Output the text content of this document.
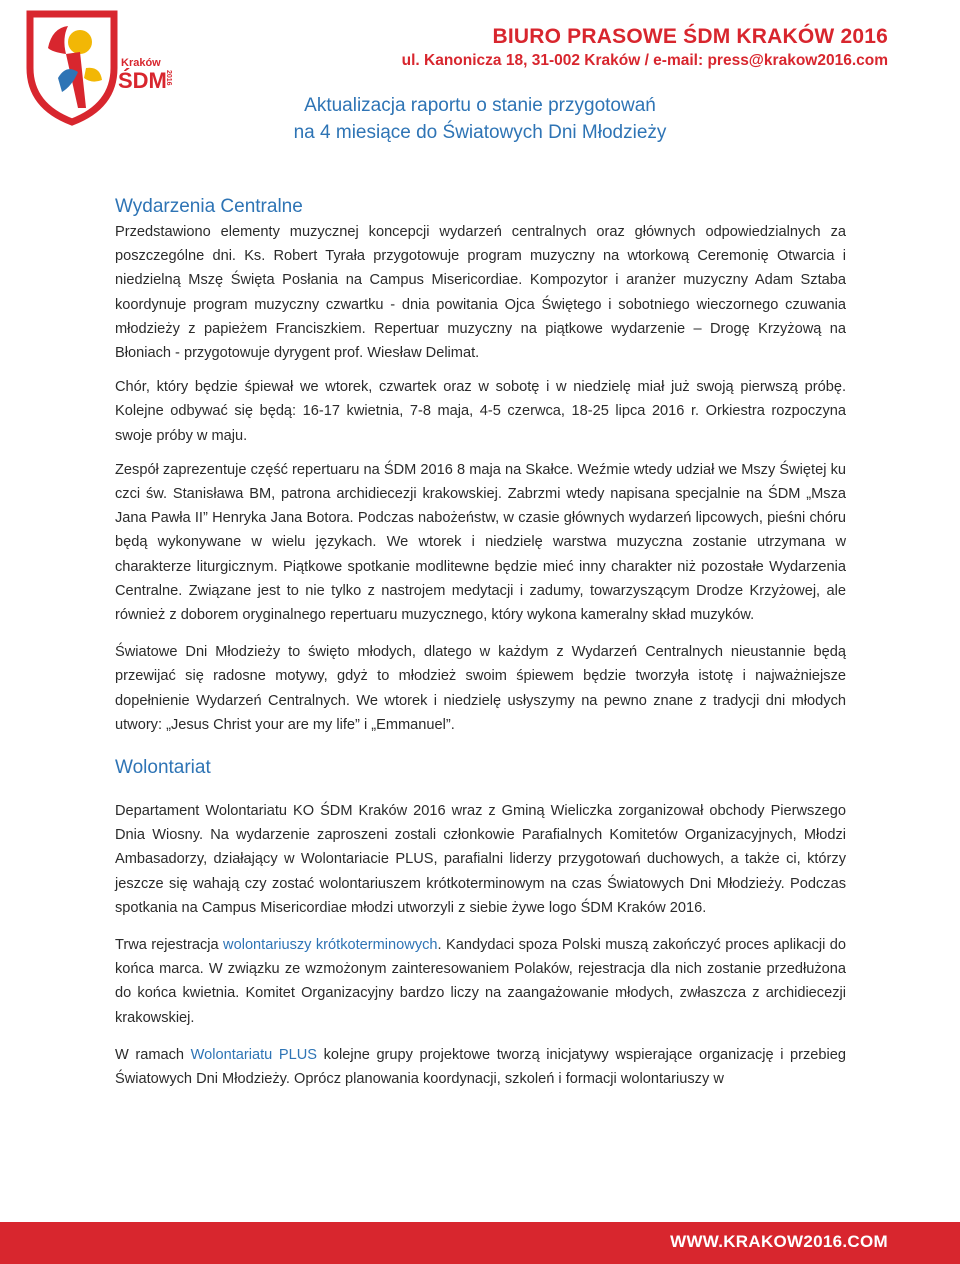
Kraków
ŚDM
2016
BIURO PRASOWE ŚDM KRAKÓW 2016
ul. Kanonicza 18, 31-002 Kraków / e-mail: press@krakow2016.com
Aktualizacja raportu o stanie przygotowań
na 4 miesiące do Światowych Dni Młodzieży
Wydarzenia Centralne

Przedstawiono elementy muzycznej koncepcji wydarzeń centralnych oraz głównych odpowiedzialnych za poszczególne dni. Ks. Robert Tyrała przygotowuje program muzyczny na wtorkową Ceremonię Otwarcia i niedzielną Mszę Święta Posłania na Campus Misericordiae. Kompozytor i aranżer muzyczny Adam Sztaba koordynuje program muzyczny czwartku - dnia powitania Ojca Świętego i sobotniego wieczornego czuwania młodzieży z papieżem Franciszkiem. Repertuar muzyczny na piątkowe wydarzenie – Drogę Krzyżową na Błoniach - przygotowuje dyrygent prof. Wiesław Delimat.

Chór, który będzie śpiewał we wtorek, czwartek oraz w sobotę i w niedzielę miał już swoją pierwszą próbę. Kolejne odbywać się będą: 16-17 kwietnia, 7-8 maja, 4-5 czerwca, 18-25 lipca 2016 r. Orkiestra rozpoczyna swoje próby w maju.

Zespół zaprezentuje część repertuaru na ŚDM 2016 8 maja na Skałce. Weźmie wtedy udział we Mszy Świętej ku czci św. Stanisława BM, patrona archidiecezji krakowskiej. Zabrzmi wtedy napisana specjalnie na ŚDM „Msza Jana Pawła II” Henryka Jana Botora. Podczas nabożeństw, w czasie głównych wydarzeń lipcowych, pieśni chóru będą wykonywane w wielu językach. We wtorek i niedzielę warstwa muzyczna zostanie utrzymana w charakterze liturgicznym. Piątkowe spotkanie modlitewne będzie mieć inny charakter niż pozostałe Wydarzenia Centralne. Związane jest to nie tylko z nastrojem medytacji i zadumy, towarzyszącym Drodze Krzyżowej, ale również z doborem oryginalnego repertuaru muzycznego, który wykona kameralny skład muzyków.

Światowe Dni Młodzieży to święto młodych, dlatego w każdym z Wydarzeń Centralnych nieustannie będą przewijać się radosne motywy, gdyż to młodzież swoim śpiewem będzie tworzyła istotę i najważniejsze dopełnienie Wydarzeń Centralnych. We wtorek i niedzielę usłyszymy na pewno znane z tradycji dni młodych utwory: „Jesus Christ your are my life” i „Emmanuel”.

Wolontariat

Departament Wolontariatu KO ŚDM Kraków 2016 wraz z Gminą Wieliczka zorganizował obchody Pierwszego Dnia Wiosny. Na wydarzenie zaproszeni zostali członkowie Parafialnych Komitetów Organizacyjnych, Młodzi Ambasadorzy, działający w Wolontariacie PLUS, parafialni liderzy przygotowań duchowych, a także ci, którzy jeszcze się wahają czy zostać wolontariuszem krótkoterminowym na czas Światowych Dni Młodzieży. Podczas spotkania na Campus Misericordiae młodzi utworzyli z siebie żywe logo ŚDM Kraków 2016.

Trwa rejestracja wolontariuszy krótkoterminowych. Kandydaci spoza Polski muszą zakończyć proces aplikacji do końca marca. W związku ze wzmożonym zainteresowaniem Polaków, rejestracja dla nich zostanie przedłużona do końca kwietnia. Komitet Organizacyjny bardzo liczy na zaangażowanie młodych, zwłaszcza z archidiecezji krakowskiej.

W ramach Wolontariatu PLUS kolejne grupy projektowe tworzą inicjatywy wspierające organizację i przebieg Światowych Dni Młodzieży. Oprócz planowania koordynacji, szkoleń i formacji wolontariuszy w

WWW.KRAKOW2016.COM
